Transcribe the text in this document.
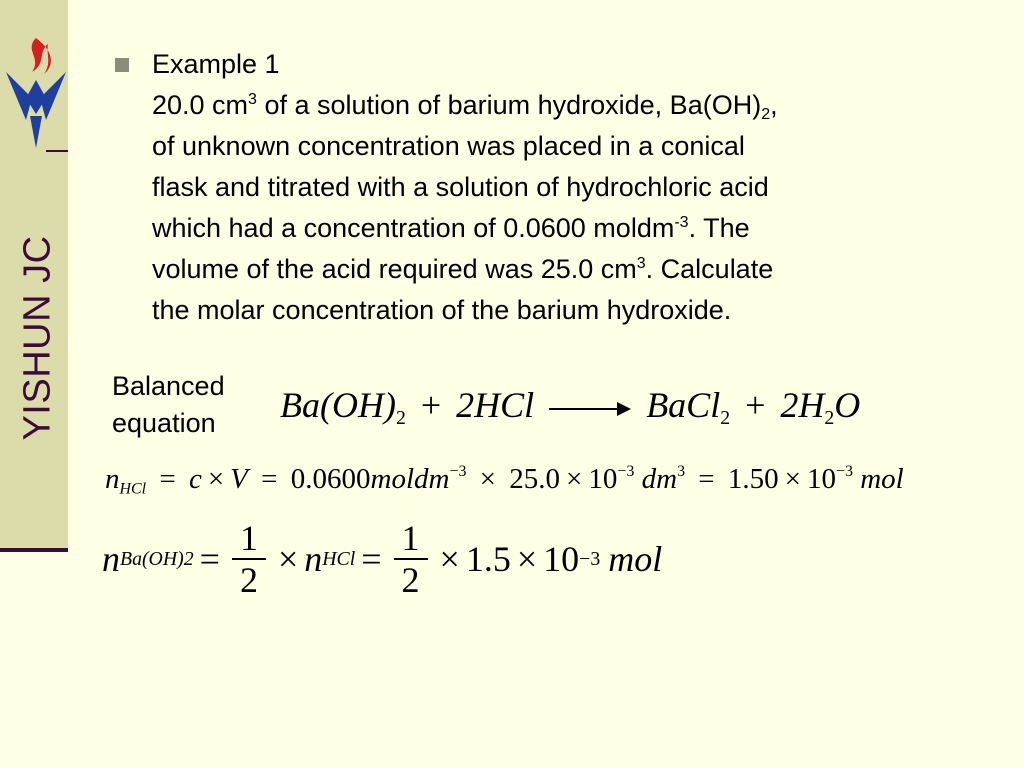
YISHUN JC
Example 1
20.0 $cm^3$ of a solution of barium hydroxide, $Ba(OH)_2$,
of unknown concentration was placed in a conical
flask and titrated with a solution of hydrochloric acid
which had a concentration of 0.0600 moldm$^{-3}$. The
volume of the acid required was 25.0 $cm^3$. Calculate
the molar concentration of the barium hydroxide.
Balanced
equation Ba(OH)2 + 2HCl → BaCl2 + 2H2O
nHCl = c × V = 0.0600moldm$^{-3}$ × $25.0 \times 10^{-3}$ $dm^3 = 1.50 \times 10^{-3}$ mol
n $Ba(OH)2 = \frac{1}{2} \times n$ HCl = $\frac{1}{2} \times 1.5 \times 10 -3$ mol
